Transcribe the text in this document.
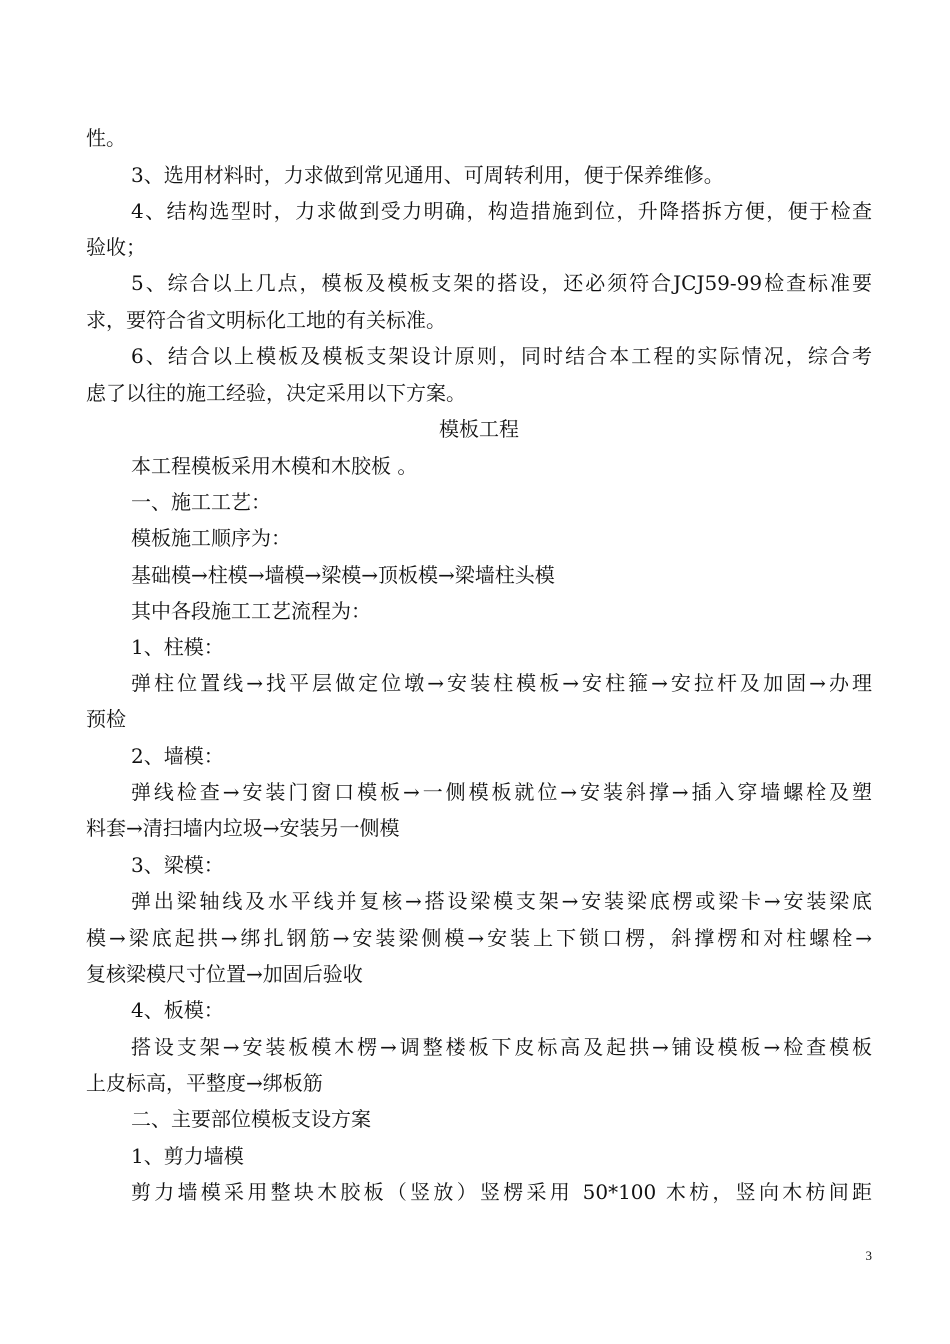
性。
3、选用材料时，力求做到常见通用、可周转利用，便于保养维修。
4、结构选型时，力求做到受力明确，构造措施到位，升降搭拆方便，便于检查
验收；
5、综合以上几点，模板及模板支架的搭设，还必须符合JCJ59-99检查标准要
求，要符合省文明标化工地的有关标准。
6、结合以上模板及模板支架设计原则，同时结合本工程的实际情况，综合考
虑了以往的施工经验，决定采用以下方案。
模板工程
本工程模板采用木模和木胶板 。
一、施工工艺：
模板施工顺序为：
基础模→柱模→墙模→梁模→顶板模→梁墙柱头模
其中各段施工工艺流程为：
1、柱模：
弹柱位置线→找平层做定位墩→安装柱模板→安柱箍→安拉杆及加固→办理
预检
2、墙模：
弹线检查→安装门窗口模板→一侧模板就位→安装斜撑→插入穿墙螺栓及塑
料套→清扫墙内垃圾→安装另一侧模
3、梁模：
弹出梁轴线及水平线并复核→搭设梁模支架→安装梁底楞或梁卡→安装梁底
模→梁底起拱→绑扎钢筋→安装梁侧模→安装上下锁口楞，斜撑楞和对柱螺栓→
复核梁模尺寸位置→加固后验收
4、板模：
搭设支架→安装板模木楞→调整楼板下皮标高及起拱→铺设模板→检查模板
上皮标高，平整度→绑板筋
二、主要部位模板支设方案
1、剪力墙模
剪力墙模采用整块木胶板（竖放）竖楞采用 50*100 木枋，竖向木枋间距
3
